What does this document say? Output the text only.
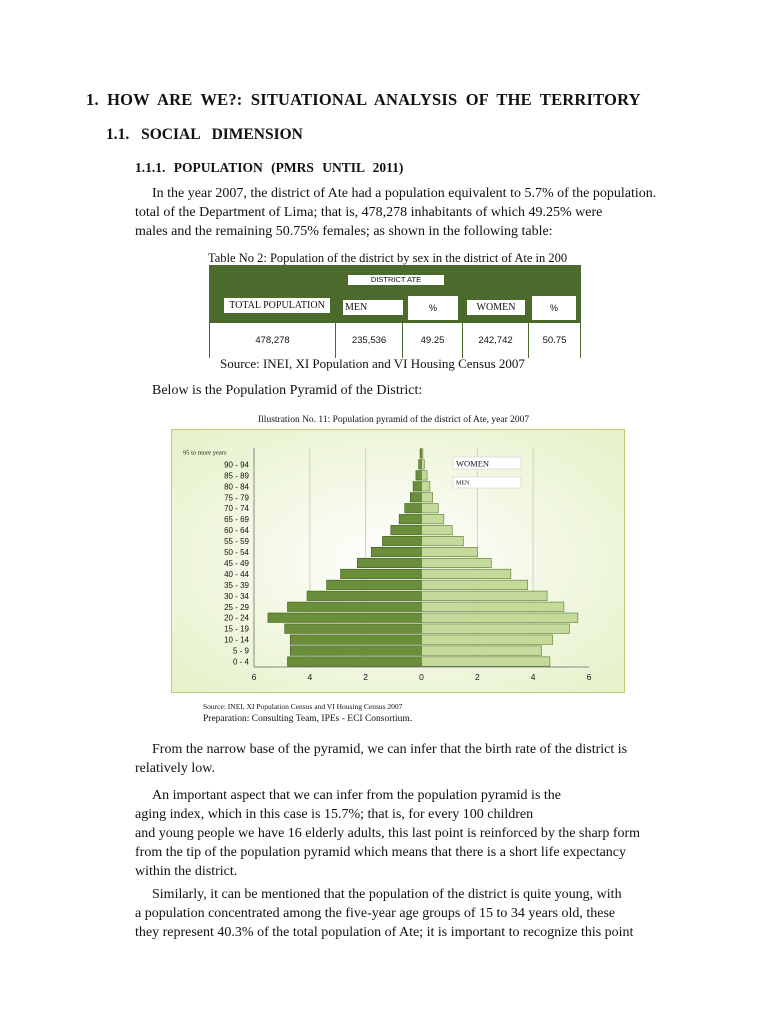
1. HOW ARE WE?: SITUATIONAL ANALYSIS OF THE TERRITORY
1.1. SOCIAL DIMENSION
1.1.1. POPULATION (PMRS UNTIL 2011)

In the year 2007, the district of Ate had a population equivalent to 5.7% of the population.

total of the Department of Lima; that is, 478,278 inhabitants of which 49.25% were

males and the remaining 50.75% females; as shown in the following table:

Table No 2: Population of the district by sex in the district of Ate in 200
DISTRICT ATE
TOTAL POPULATION	MEN	%	WOMEN	%
478,278	235,536	49.25	242,742	50.75
Source: INEI, XI Population and VI Housing Census 2007

Below is the Population Pyramid of the District:

Illustration No. 11: Population pyramid of the district of Ate, year 2007
0 - 4
5 - 9
10 - 14
15 - 19
20 - 24
25 - 29
30 - 34
35 - 39
40 - 44
45 - 49
50 - 54
55 - 59
60 - 64
65 - 69
70 - 74
75 - 79
80 - 84
85 - 89
90 - 94
95 to more years
6	4	2	0	2	4	6
WOMEN
MEN
Source: INEI, XI Population Census and VI Housing Census 2007
Preparation: Consulting Team, IPEs - ECI Consortium.

From the narrow base of the pyramid, we can infer that the birth rate of the district is

relatively low.

An important aspect that we can infer from the population pyramid is the

aging index, which in this case is 15.7%; that is, for every 100 children

and young people we have 16 elderly adults, this last point is reinforced by the sharp form

from the tip of the population pyramid which means that there is a short life expectancy

within the district.

Similarly, it can be mentioned that the population of the district is quite young, with

a population concentrated among the five-year age groups of 15 to 34 years old, these

they represent 40.3% of the total population of Ate; it is important to recognize this point
